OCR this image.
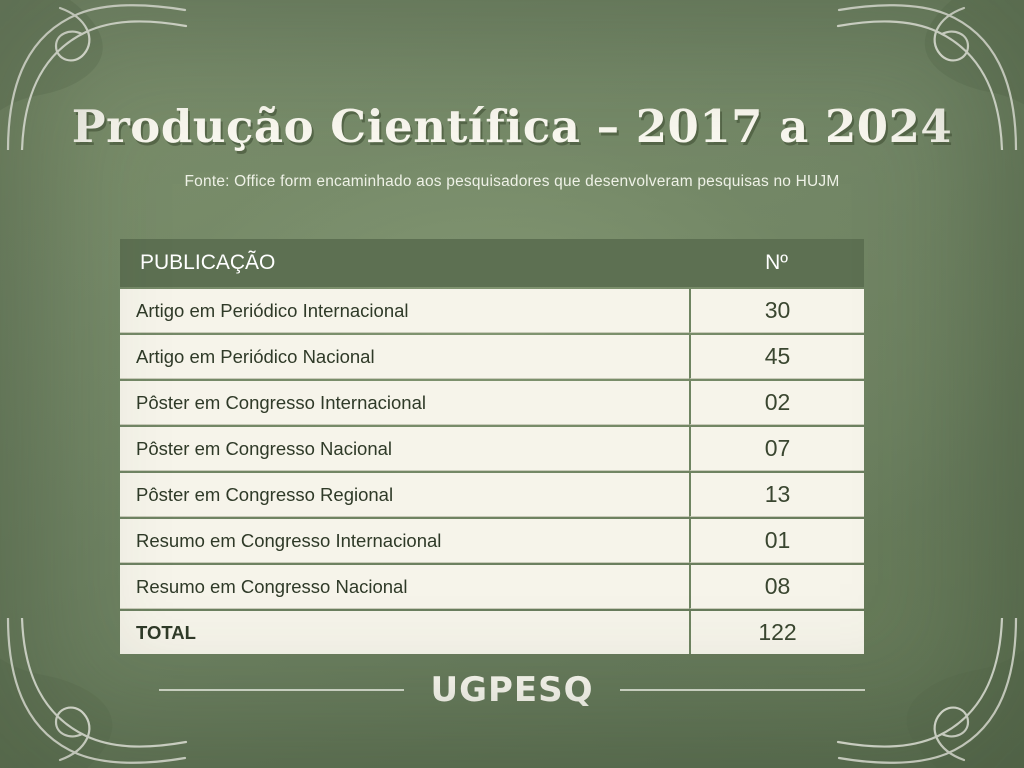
Produção Científica – 2017 a 2024
Fonte: Office form encaminhado aos pesquisadores que desenvolveram pesquisas no HUJM
PUBLICAÇÃO	Nº
Artigo em Periódico Internacional	30
Artigo em Periódico Nacional	45
Pôster em Congresso Internacional	02
Pôster em Congresso Nacional	07
Pôster em Congresso Regional	13
Resumo em Congresso Internacional	01
Resumo em Congresso Nacional	08
TOTAL	122
UGPESQ
